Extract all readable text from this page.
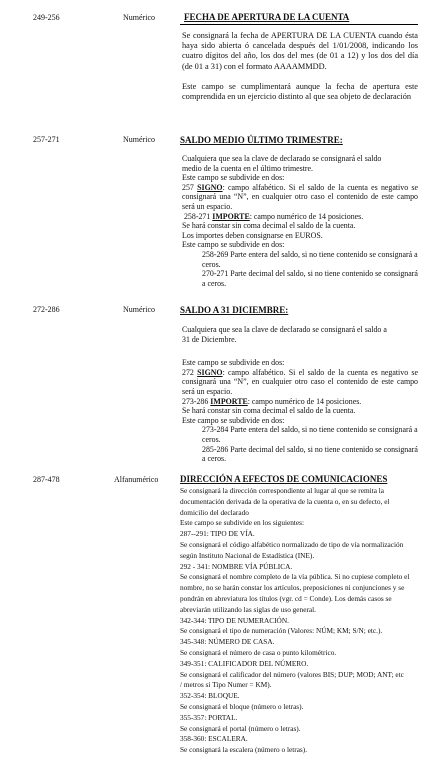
249-256	Numérico	FECHA DE APERTURA DE LA CUENTA

Se consignará la fecha de APERTURA DE LA CUENTA cuando ésta haya sido abierta ó cancelada después del 1/01/2008, indicando los cuatro dígitos del año, los dos del mes (de 01 a 12) y los dos del día (de 01 a 31) con el formato AAAAMMDD.

Este campo se cumplimentará aunque la fecha de apertura este comprendida en un ejercicio distinto al que sea objeto de declaración

257-271	Numérico	SALDO MEDIO ÚLTIMO TRIMESTRE:

Cualquiera que sea la clave de declarado se consignará el saldo

medio de la cuenta en el último trimestre.

Este campo se subdivide en dos:

257 SIGNO: campo alfabético. Si el saldo de la cuenta es negativo se consignará una “N”, en cualquier otro caso el contenido de este campo será un espacio.

258-271 IMPORTE: campo numérico de 14 posiciones.

Se hará constar sin coma decimal el saldo de la cuenta.

Los importes deben consignarse en EUROS.

Este campo se subdivide en dos:

258-269 Parte entera del saldo, si no tiene contenido se consignará a ceros.

270-271 Parte decimal del saldo, si no tiene contenido se consignará a ceros.

272-286	Numérico	SALDO A 31 DICIEMBRE:

Cualquiera que sea la clave de declarado se consignará el saldo a

31 de Diciembre.

Este campo se subdivide en dos:

272 SIGNO: campo alfabético. Si el saldo de la cuenta es negativo se consignará una “N”, en cualquier otro caso el contenido de este campo será un espacio.

273-286 IMPORTE: campo numérico de 14 posiciones.

Se hará constar sin coma decimal el saldo de la cuenta.

Este campo se subdivide en dos:

273-284 Parte entera del saldo, si no tiene contenido se consignará a ceros.

285-286 Parte decimal del saldo, si no tiene contenido se consignará a ceros.

287-478	Alfanumérico DIRECCIÓN A EFECTOS DE COMUNICACIONES

Se consignará la dirección correspondiente al lugar al que se remita la

documentación derivada de la operativa de la cuenta o, en su defecto, el

domicilio del declarado

Este campo se subdivide en los siguientes:

287--291: TIPO DE VÍA.

Se consignará el código alfabético normalizado de tipo de vía normalización

según Instituto Nacional de Estadística (INE).

292 - 341: NOMBRE VÍA PÚBLICA.

Se consignará el nombre completo de la vía pública. Si no cupiese completo el

nombre, no se harán constar los artículos, preposiciones ni conjunciones y se

pondrán en abreviatura los títulos (vgr. cd = Conde). Los demás casos se

abreviarán utilizando las siglas de uso general.

342-344: TIPO DE NUMERACIÓN.

Se consignará el tipo de numeración (Valores: NÚM; KM; S/N; etc.).

345-348: NÚMERO DE CASA.

Se consignará el número de casa o punto kilométrico.

349-351: CALIFICADOR DEL NÚMERO.

Se consignará el calificador del número (valores BIS; DUP; MOD; ANT; etc

/ metros si Tipo Numer = KM).

352-354: BLOQUE.

Se consignará el bloque (número o letras).

355-357: PORTAL.

Se consignará el portal (número o letras).

358-360: ESCALERA.

Se consignará la escalera (número o letras).
